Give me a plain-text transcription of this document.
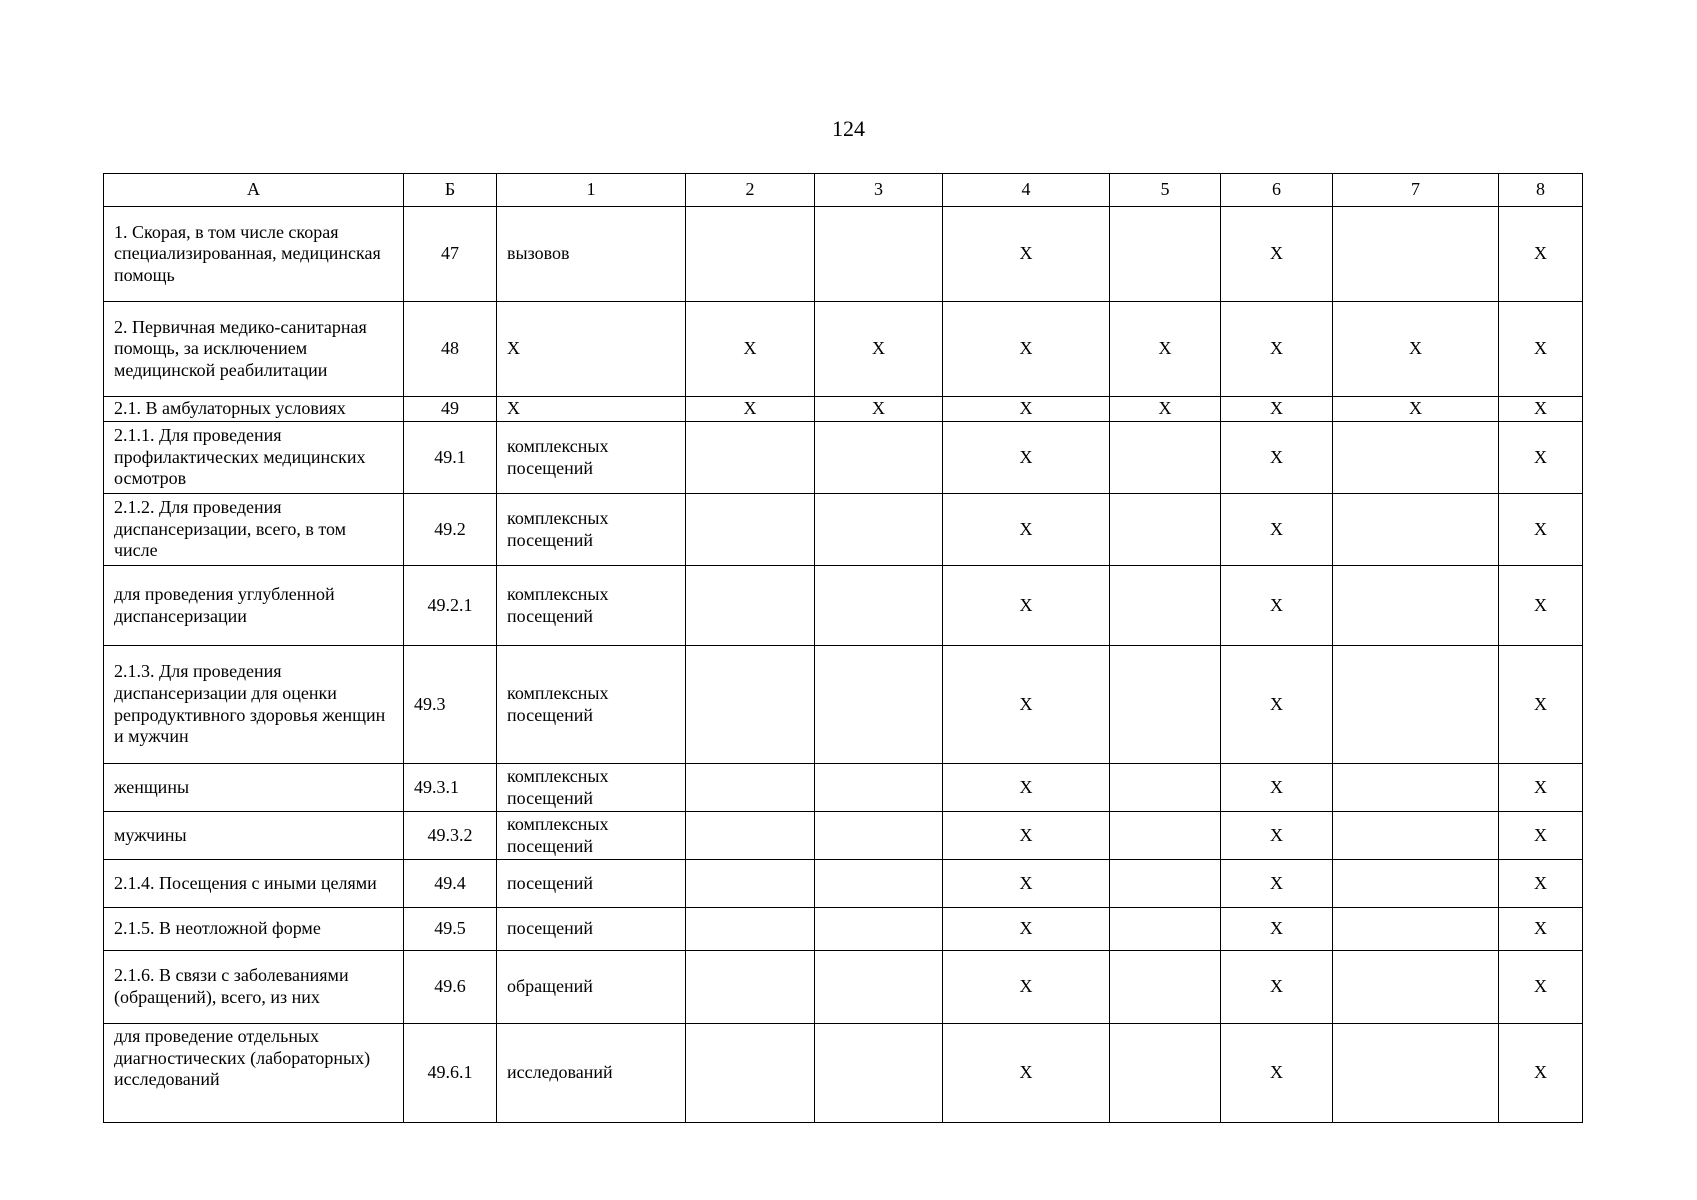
124
А	Б	1	2	3	4	5	6	7	8
1. Скорая, в том числе скорая специализированная, медицинская помощь	47	вызовов			X		X		X
2. Первичная медико-санитарная помощь, за исключением медицинской реабилитации	48	X	X	X	X	X	X	X	X
2.1. В амбулаторных условиях	49	X	X	X	X	X	X	X	X
2.1.1. Для проведения профилактических медицинских осмотров	49.1	комплексных посещений			X		X		X
2.1.2. Для проведения диспансеризации, всего, в том числе	49.2	комплексных посещений			X		X		X
для проведения углубленной диспансеризации	49.2.1	комплексных посещений			X		X		X
2.1.3. Для проведения диспансеризации для оценки репродуктивного здоровья женщин и мужчин	49.3	комплексных посещений			X		X		X
женщины	49.3.1	комплексных посещений			X		X		X
мужчины	49.3.2	комплексных посещений			X		X		X
2.1.4. Посещения с иными целями	49.4	посещений			X		X		X
2.1.5. В неотложной форме	49.5	посещений			X		X		X
2.1.6. В связи с заболеваниями (обращений), всего, из них	49.6	обращений			X		X		X
для проведение отдельных диагностических (лабораторных) исследований	49.6.1	исследований			X		X		X
